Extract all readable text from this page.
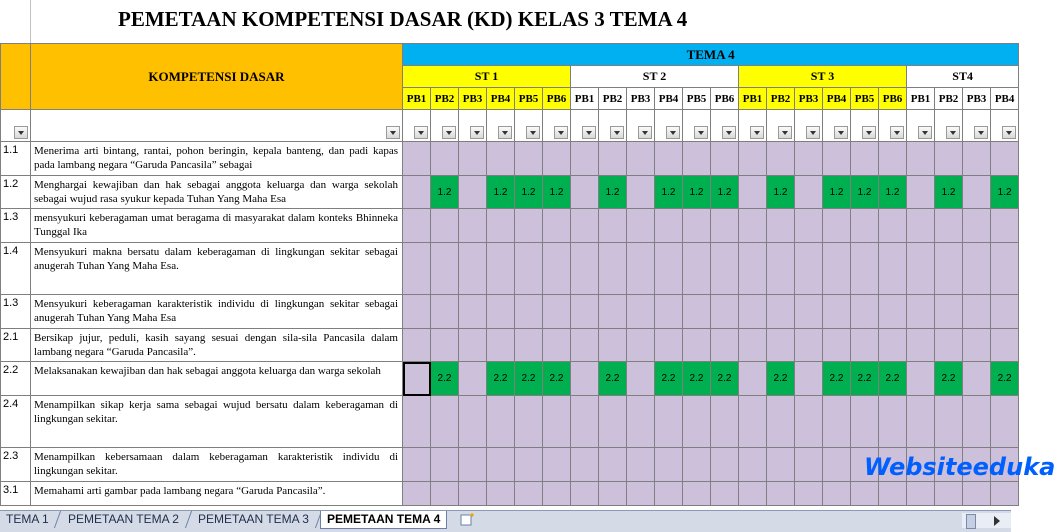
PEMETAAN KOMPETENSI DASAR (KD) KELAS 3 TEMA 4
	KOMPETENSI DASAR	TEMA 4																					
		ST 1						ST 2						ST 3						ST4			
		PB1	PB2	PB3	PB4	PB5	PB6	PB1	PB2	PB3	PB4	PB5	PB6	PB1	PB2	PB3	PB4	PB5	PB6	PB1	PB2	PB3	PB4

1.1	Menerima arti bintang, rantai, pohon beringin, kepala banteng, dan padi kapas pada lambang negara “Garuda Pancasila” sebagai																						
1.2	Menghargai kewajiban dan hak sebagai anggota keluarga dan warga sekolah sebagai wujud rasa syukur kepada Tuhan Yang Maha Esa		1.2		1.2	1.2	1.2		1.2		1.2	1.2	1.2		1.2		1.2	1.2	1.2		1.2		1.2
1.3	mensyukuri keberagaman umat beragama di masyarakat dalam konteks Bhinneka Tunggal Ika																						
1.4	Mensyukuri makna bersatu dalam keberagaman di lingkungan sekitar sebagai anugerah Tuhan Yang Maha Esa.																						
1.3	Mensyukuri keberagaman karakteristik individu di lingkungan sekitar sebagai anugerah Tuhan Yang Maha Esa																						
2.1	Bersikap jujur, peduli, kasih sayang sesuai dengan sila-sila Pancasila dalam lambang negara “Garuda Pancasila”.																						
2.2	Melaksanakan kewajiban dan hak sebagai anggota keluarga dan warga sekolah		2.2		2.2	2.2	2.2		2.2		2.2	2.2	2.2		2.2		2.2	2.2	2.2		2.2		2.2
2.4	Menampilkan sikap kerja sama sebagai wujud bersatu dalam keberagaman di lingkungan sekitar.																						
2.3	Menampilkan kebersamaan dalam keberagaman karakteristik individu di lingkungan sekitar.																						
3.1	Memahami arti gambar pada lambang negara “Garuda Pancasila”.																						
Websiteeduka
TEMA 1	PEMETAAN TEMA 2	PEMETAAN TEMA 3	PEMETAAN TEMA 4
